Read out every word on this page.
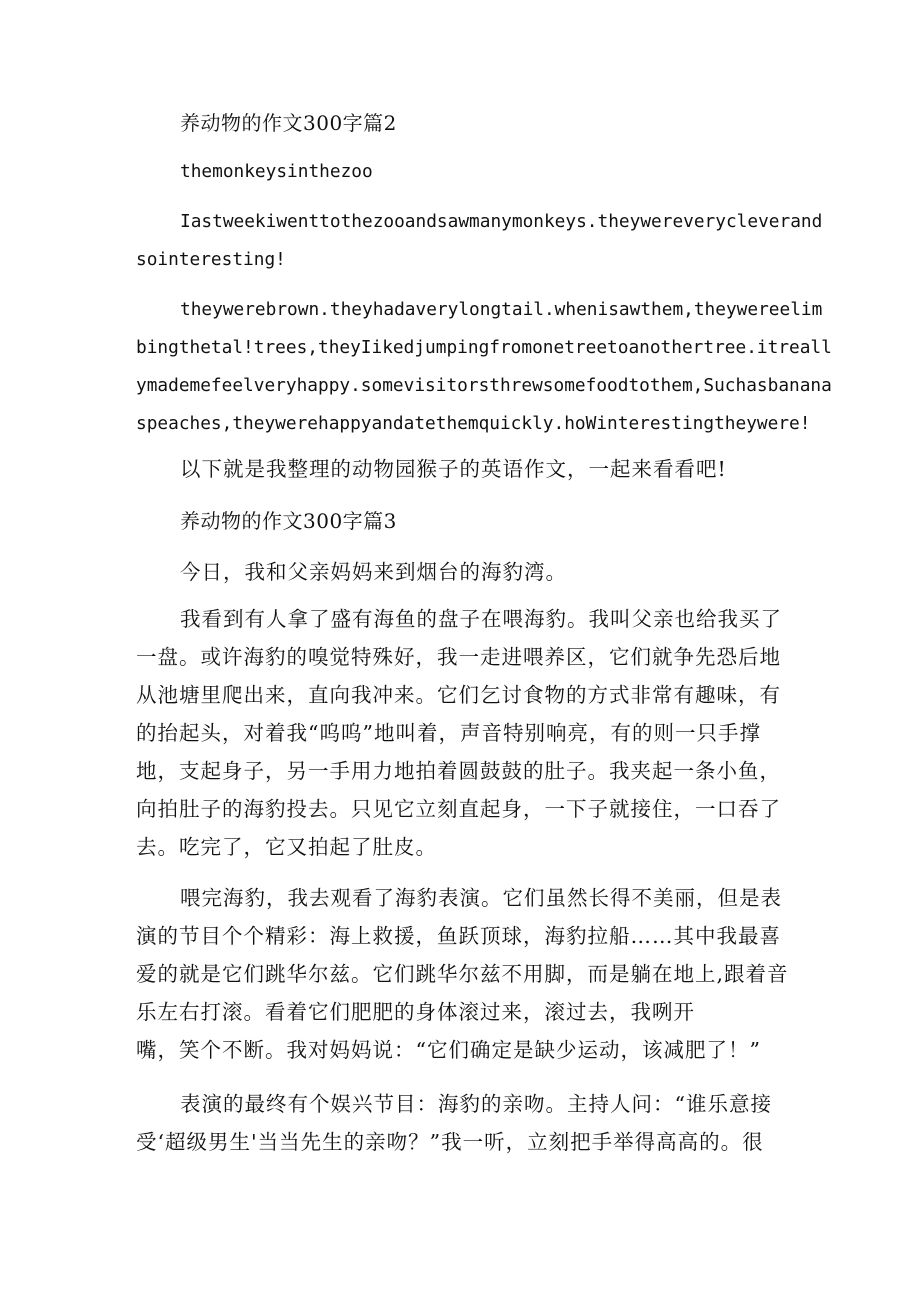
养动物的作文300字篇2

themonkeysinthezoo

Iastweekiwenttothezooandsawmanymonkeys.theywereverycleverand
sointeresting!

theywerebrown.theyhadaverylongtail.whenisawthem,theywereelim
bingthetal!trees,theyIikedjumpingfromonetreetoanothertree.itreall
ymademefeelveryhappy.somevisitorsthrewsomefoodtothem,Suchasbanana
speaches,theywerehappyandatethemquickly.hoWinterestingtheywere!

以下就是我整理的动物园猴子的英语作文，一起来看看吧!

养动物的作文300字篇3

今日，我和父亲妈妈来到烟台的海豹湾。

我看到有人拿了盛有海鱼的盘子在喂海豹。我叫父亲也给我买了
一盘。或许海豹的嗅觉特殊好，我一走进喂养区，它们就争先恐后地
从池塘里爬出来，直向我冲来。它们乞讨食物的方式非常有趣味，有
的抬起头，对着我“呜呜”地叫着，声音特别响亮，有的则一只手撑
地，支起身子，另一手用力地拍着圆鼓鼓的肚子。我夹起一条小鱼，
向拍肚子的海豹投去。只见它立刻直起身，一下子就接住，一口吞了
去。吃完了，它又拍起了肚皮。

喂完海豹，我去观看了海豹表演。它们虽然长得不美丽，但是表
演的节目个个精彩：海上救援，鱼跃顶球，海豹拉船……其中我最喜
爱的就是它们跳华尔兹。它们跳华尔兹不用脚，而是躺在地上,跟着音
乐左右打滚。看着它们肥肥的身体滚过来，滚过去，我咧开

嘴，笑个不断。我对妈妈说：“它们确定是缺少运动，该减肥了！”

表演的最终有个娱兴节目：海豹的亲吻。主持人问：“谁乐意接
受‘超级男生'当当先生的亲吻？”我一听，立刻把手举得高高的。很
